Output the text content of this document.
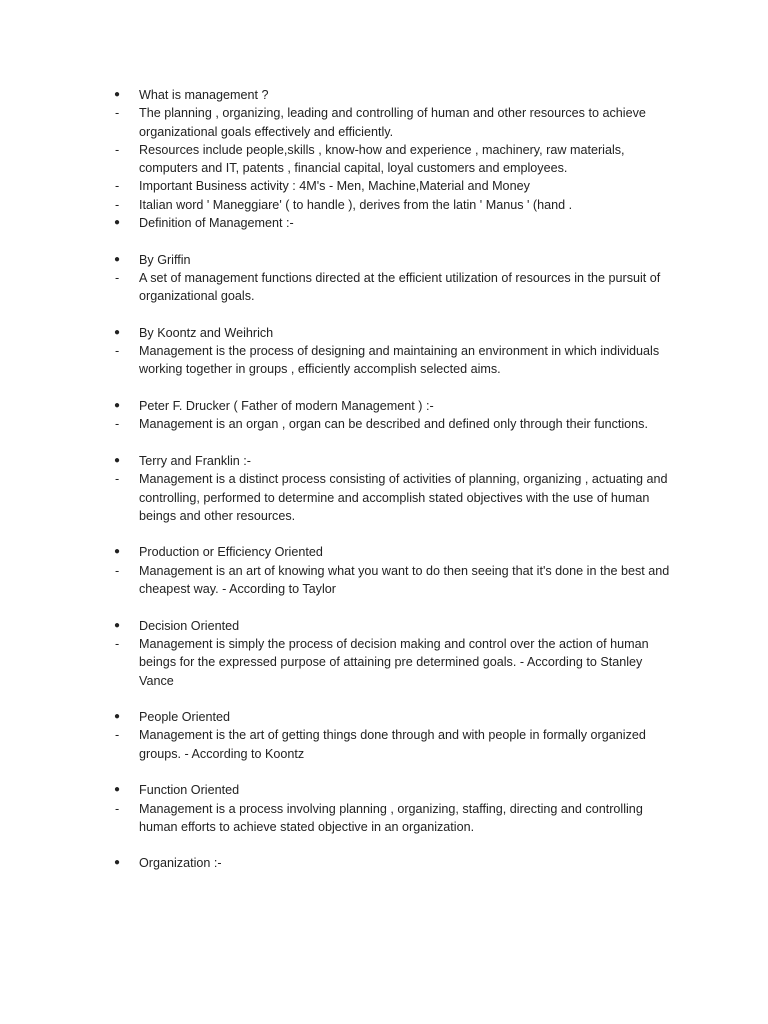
●	What is management ?
-	The planning , organizing, leading and controlling of human and other resources to achieve organizational goals effectively and efficiently.
-	Resources include people,skills , know-how and experience , machinery, raw materials, computers and IT, patents , financial capital, loyal customers and employees.
-	Important Business activity : 4M's - Men, Machine,Material and Money
-	Italian word ' Maneggiare' ( to handle ), derives from the latin ' Manus ' (hand .
●	Definition of Management :-
●	By Griffin
-	A set of management functions directed at the efficient utilization of resources in the pursuit of organizational goals.
●	By Koontz and Weihrich
-	Management is the process of designing and maintaining an environment in which individuals working together in groups , efficiently accomplish selected aims.
●	Peter F. Drucker ( Father of modern Management ) :-
-	Management is an organ , organ can be described and defined only through their functions.
●	Terry and Franklin :-
-	Management is a distinct process consisting of activities of planning, organizing , actuating and controlling, performed to determine and accomplish stated objectives with the use of human beings and other resources.
●	Production or Efficiency Oriented
-	Management is an art of knowing what you want to do then seeing that it's done in the best and cheapest way. - According to Taylor
●	Decision Oriented
-	Management is simply the process of decision making and control over the action of human beings for the expressed purpose of attaining pre determined goals. - According to Stanley Vance
●	People Oriented
-	Management is the art of getting things done through and with people in formally organized groups. - According to Koontz
●	Function Oriented
-	Management is a process involving planning , organizing, staffing, directing and controlling human efforts to achieve stated objective in an organization.
●	Organization :-
